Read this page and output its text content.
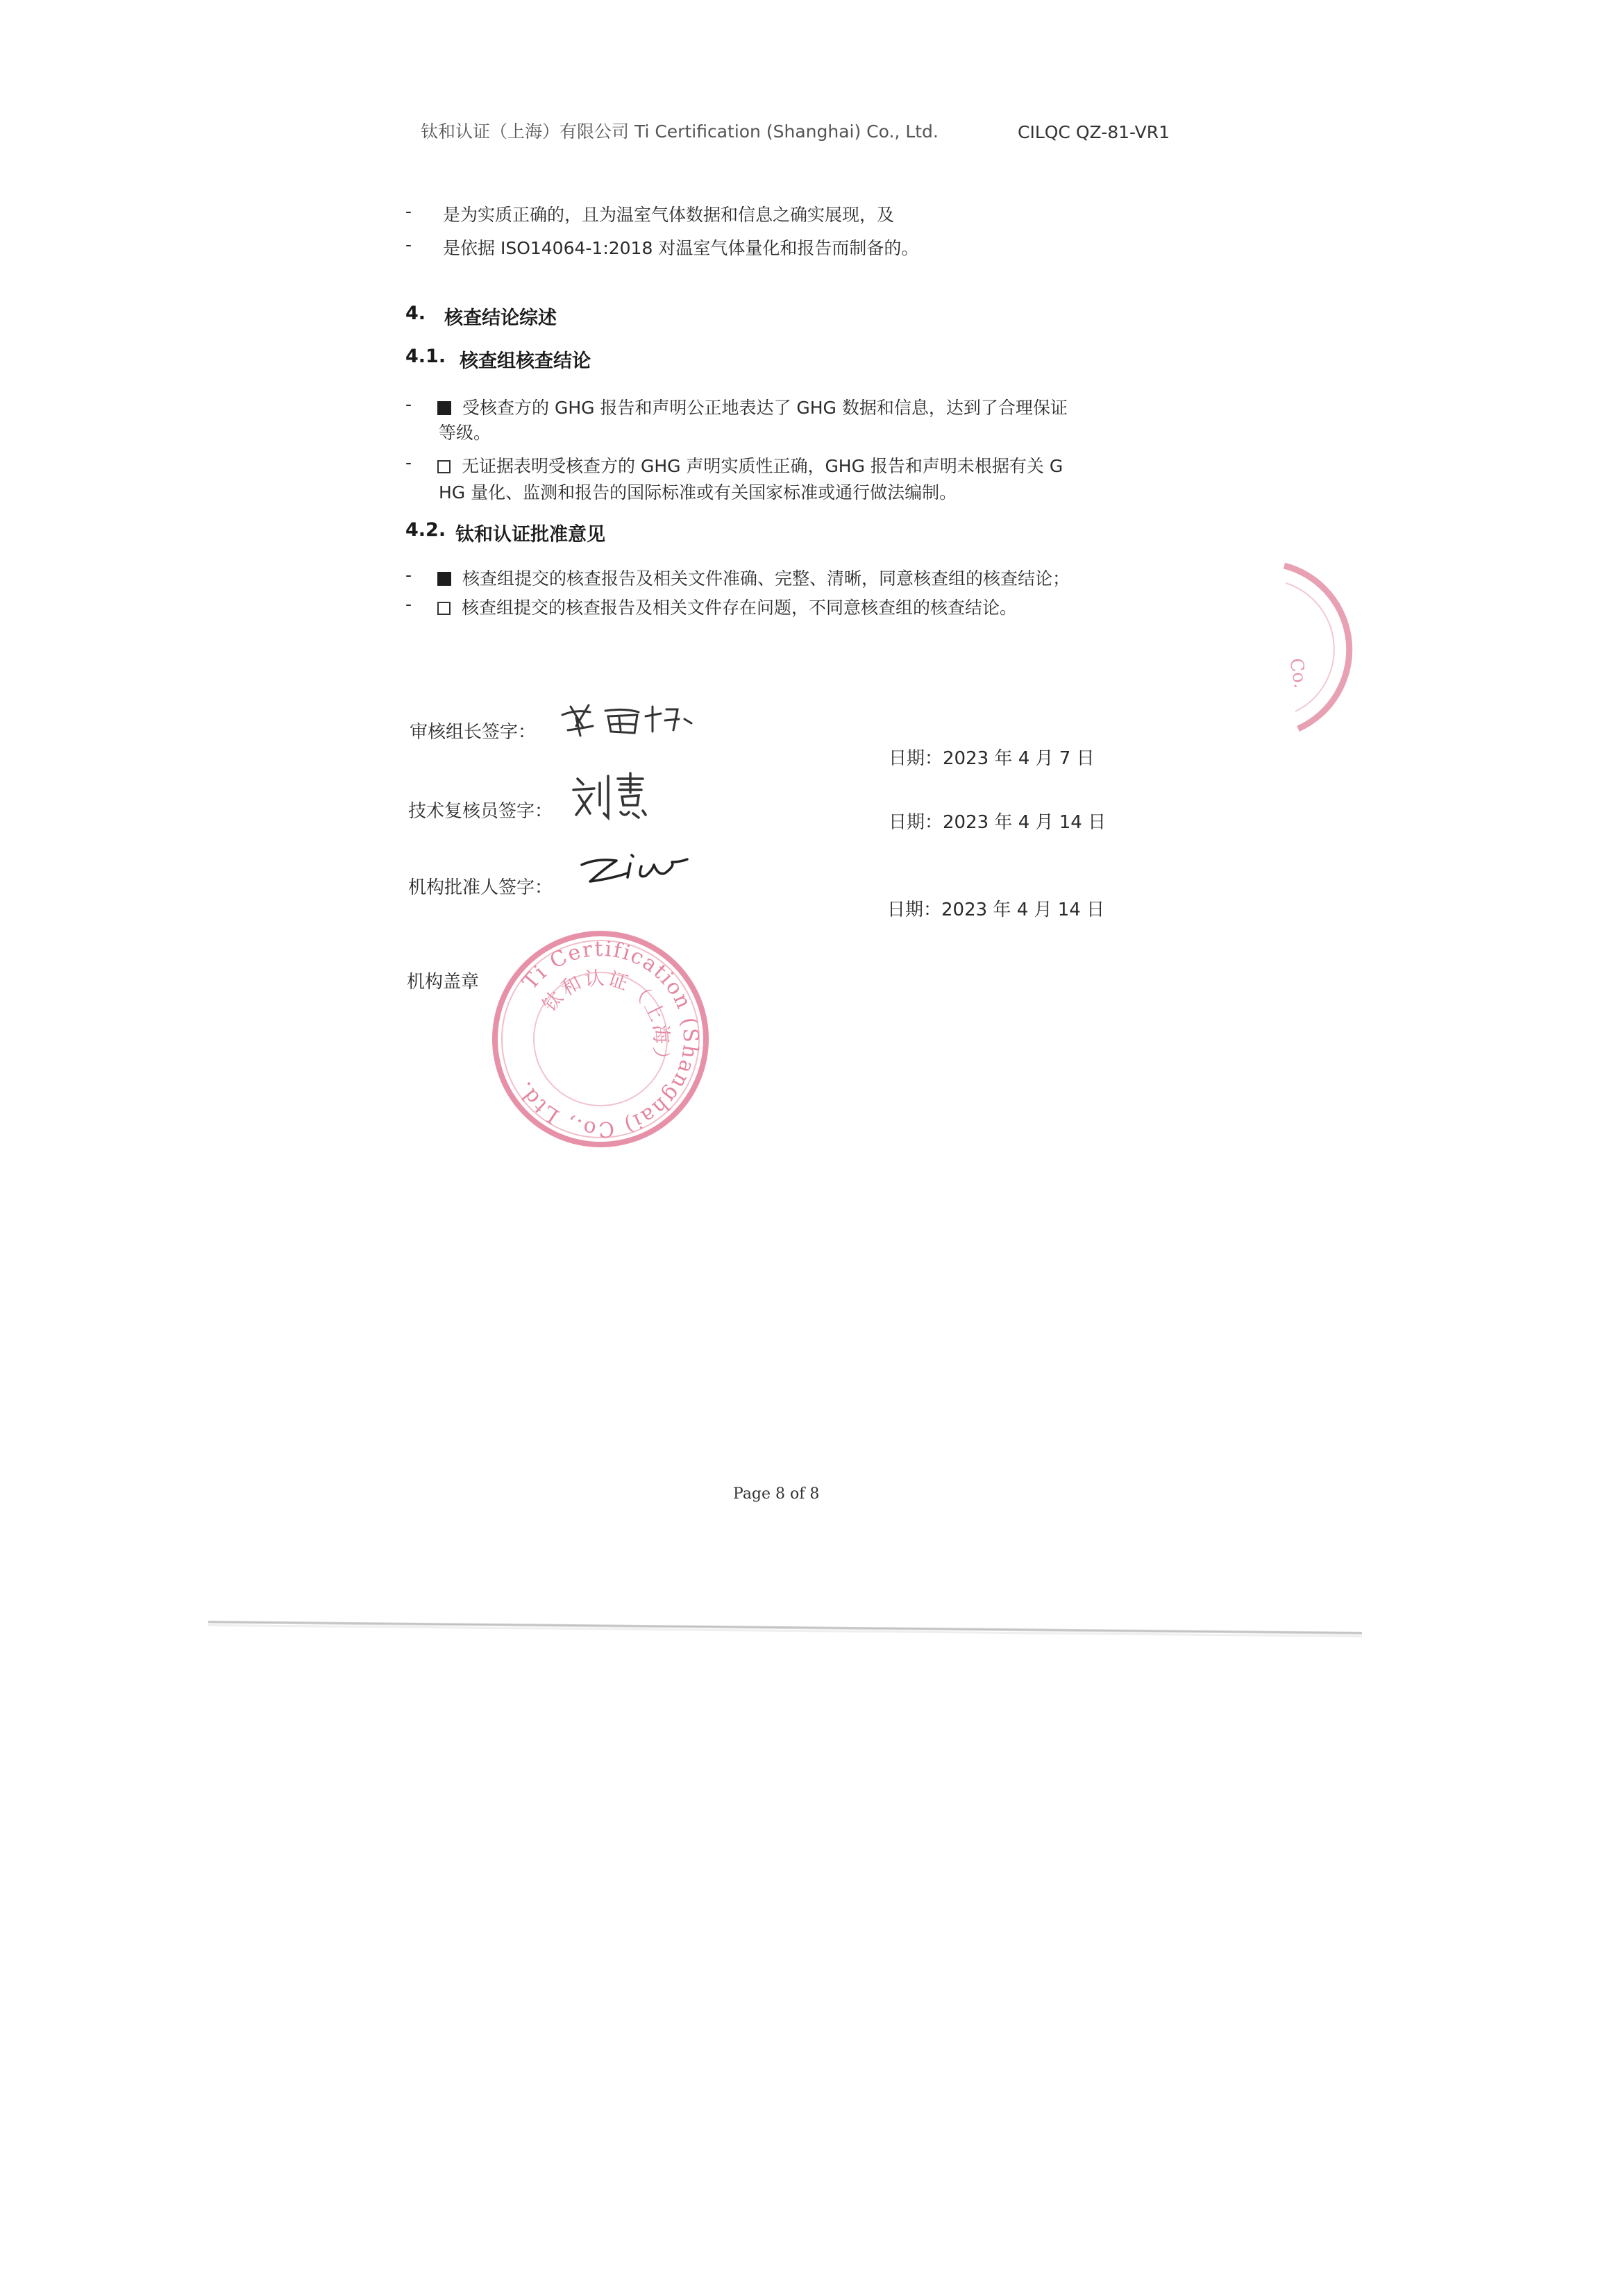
钛和认证（上海）有限公司 Ti Certification (Shanghai) Co., Ltd.	CILQC QZ-81-VR1
- 是为实质正确的，且为温室气体数据和信息之确实展现，及
- 是依据 ISO14064-1:2018 对温室气体量化和报告而制备的。
4. 核查结论综述
4.1. 核查组核查结论
-	受核查方的 GHG 报告和声明公正地表达了 GHG 数据和信息，达到了合理保证
等级。
-	无证据表明受核查方的 GHG 声明实质性正确，GHG 报告和声明未根据有关 G
HG 量化、监测和报告的国际标准或有关国家标准或通行做法编制。
4.2. 钛和认证批准意见
-	核查组提交的核查报告及相关文件准确、完整、清晰，同意核查组的核查结论；
-	核查组提交的核查报告及相关文件存在问题，不同意核查组的核查结论。
Co.
审核组长签字：
日期：2023 年 4 月 7 日
技术复核员签字：
日期：2023 年 4 月 14 日
机构批准人签字：
日期：2023 年 4 月 14 日
机构盖章	Ti Certification (Shanghai) Co., Ltd.
钛和认证（上海）有限公司
Page 8 of 8
